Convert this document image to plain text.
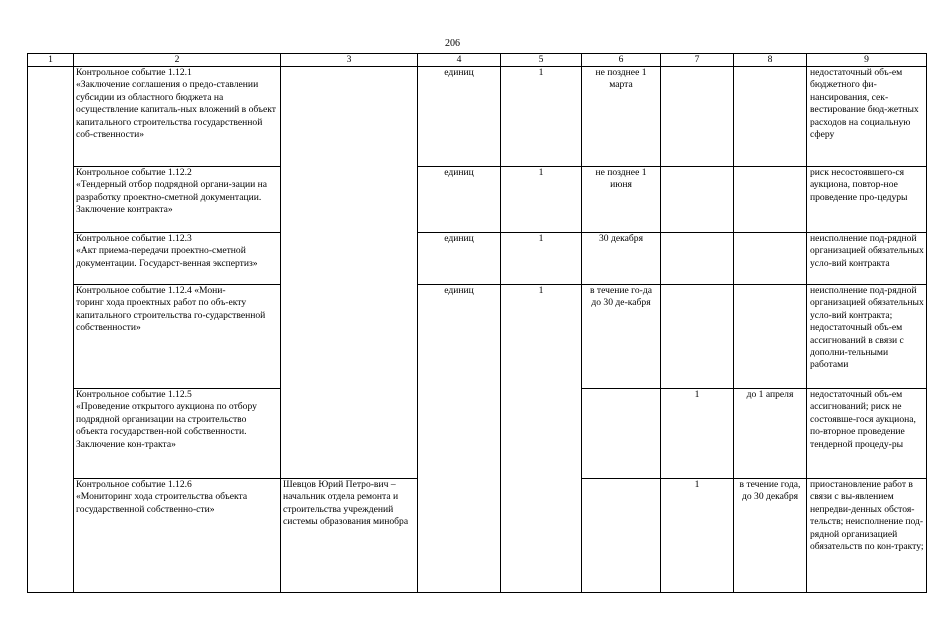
206
1	2	3	4	5	6	7	8	9

	Контрольное событие 1.12.1
«Заключение соглашения о предо-ставлении субсидии из областного бюджета на осуществление капиталь-ных вложений в объект капитального строительства государственной соб-ственности»		единиц	1	не позднее 1 марта			недостаточный объ-ем бюджетного фи-нансирования, сек-вестирование бюд-жетных расходов на социальную сферу

	Контрольное событие 1.12.2
«Тендерный отбор подрядной органи-зации на разработку проектно-сметной документации. Заключение контракта»		единиц	1	не позднее 1 июня			риск несостоявшего-ся аукциона, повтор-ное проведение про-цедуры

	Контрольное событие 1.12.3
«Акт приема-передачи проектно-сметной документации. Государст-венная экспертиз»		единиц	1	30 декабря			неисполнение под-рядной организацией обязательных усло-вий контракта

	Контрольное событие 1.12.4 «Мони-
торинг хода проектных работ по объ-екту капитального строительства го-сударственной собственности»		единиц	1	в течение го-да до 30 де-кабря			неисполнение под-рядной организацией обязательных усло-вий контракта; недостаточный объ-ем ассигнований в связи с дополни-тельными работами

	Контрольное событие 1.12.5
«Проведение открытого аукциона по отбору подрядной организации на строительство объекта государствен-ной собственности. Заключение кон-тракта»					1	до 1 апреля	недостаточный объ-ем ассигнований; риск не состоявше-гося аукциона, по-вторное проведение тендерной процеду-ры

	Контрольное событие 1.12.6
«Мониторинг хода строительства объекта государственной собственно-сти»	Шевцов Юрий Петро-вич – начальник отдела ремонта и строительства учреждений системы образования минобра				1	в течение года, до 30 декабря	приостановление работ в связи с вы-явлением непредви-денных обстоя-тельств; неисполнение под-рядной организацией обязательств по кон-тракту;
